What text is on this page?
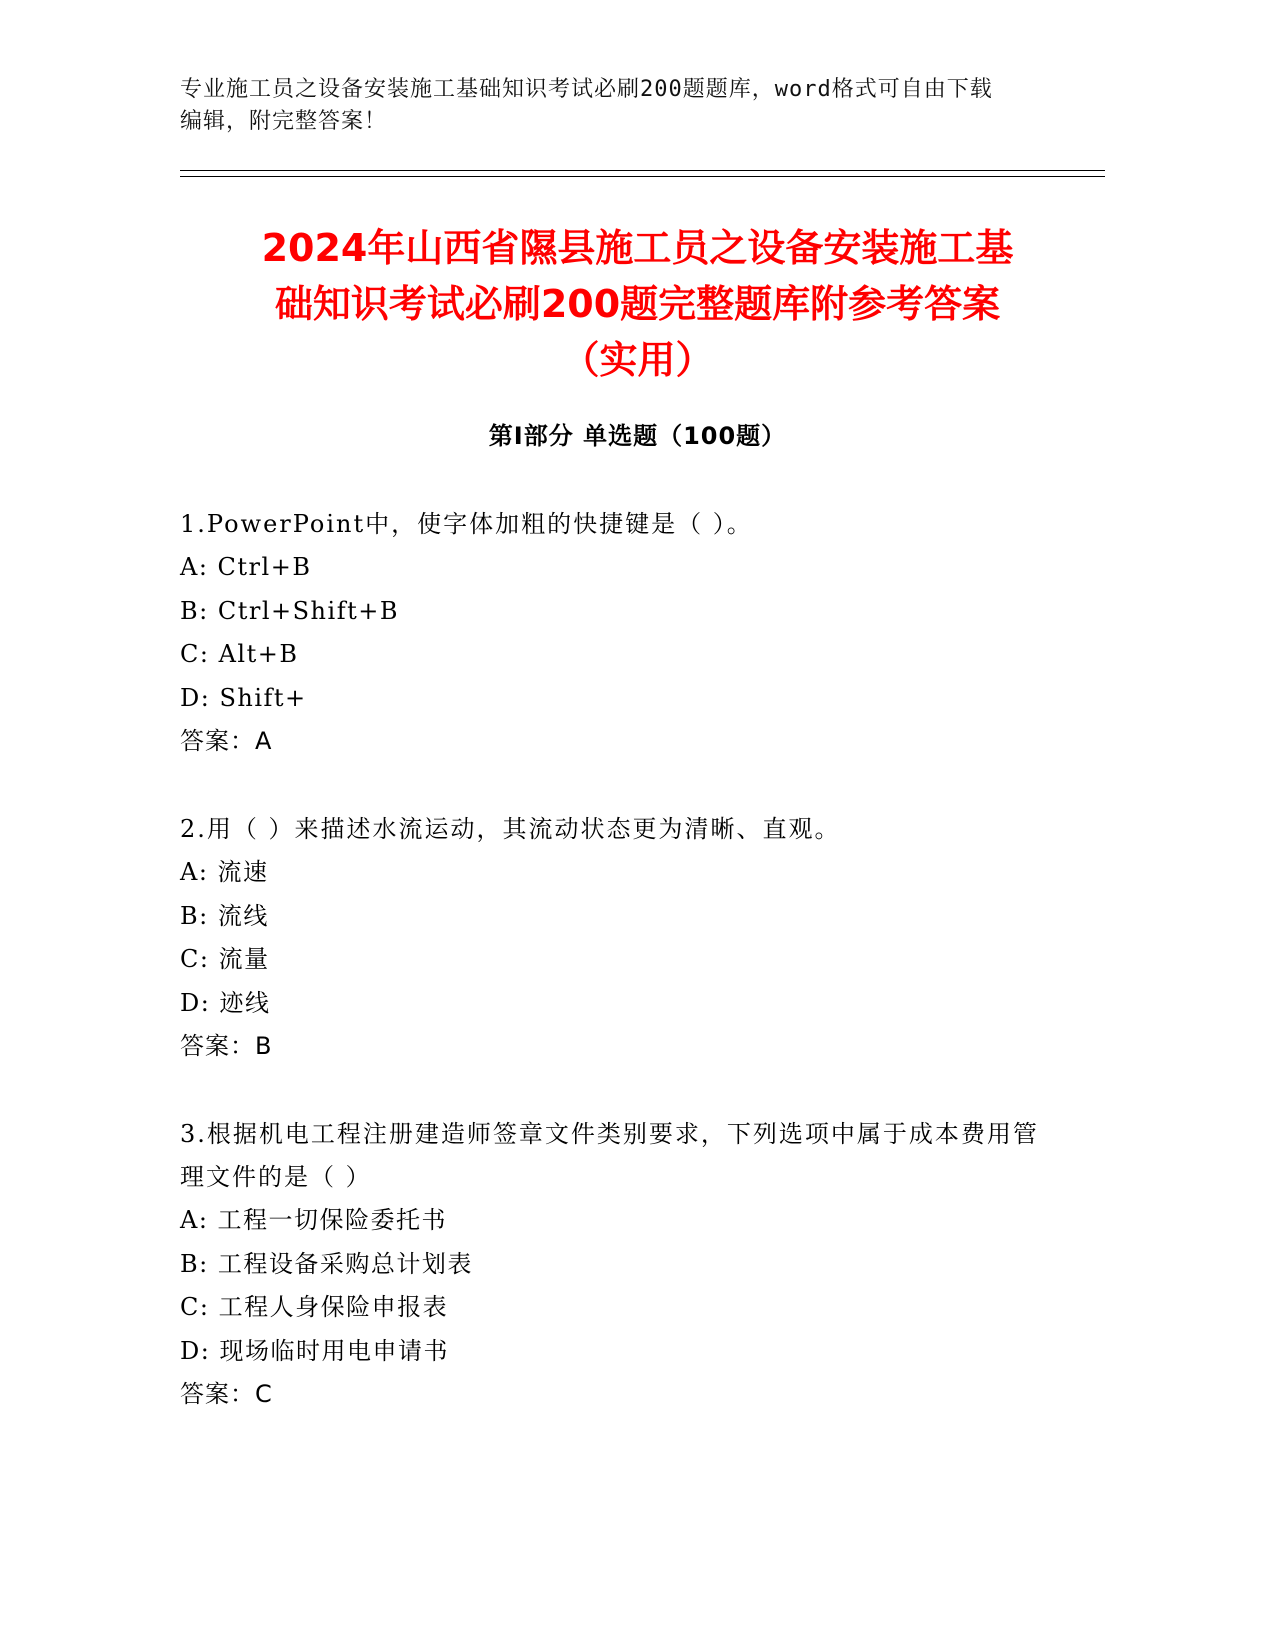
专业施工员之设备安装施工基础知识考试必刷200题题库，word格式可自由下载
编辑，附完整答案！
2024年山西省隰县施工员之设备安装施工基
础知识考试必刷200题完整题库附参考答案
（实用）
第I部分 单选题（100题）
1.PowerPoint中，使字体加粗的快捷键是（ ）。
A: Ctrl+B
B: Ctrl+Shift+B
C: Alt+B
D: Shift+
答案：A
2.用（ ）来描述水流运动，其流动状态更为清晰、直观。
A: 流速
B: 流线
C: 流量
D: 迹线
答案：B
3.根据机电工程注册建造师签章文件类别要求，下列选项中属于成本费用管理文件的是（ ）
A: 工程一切保险委托书
B: 工程设备采购总计划表
C: 工程人身保险申报表
D: 现场临时用电申请书
答案：C
